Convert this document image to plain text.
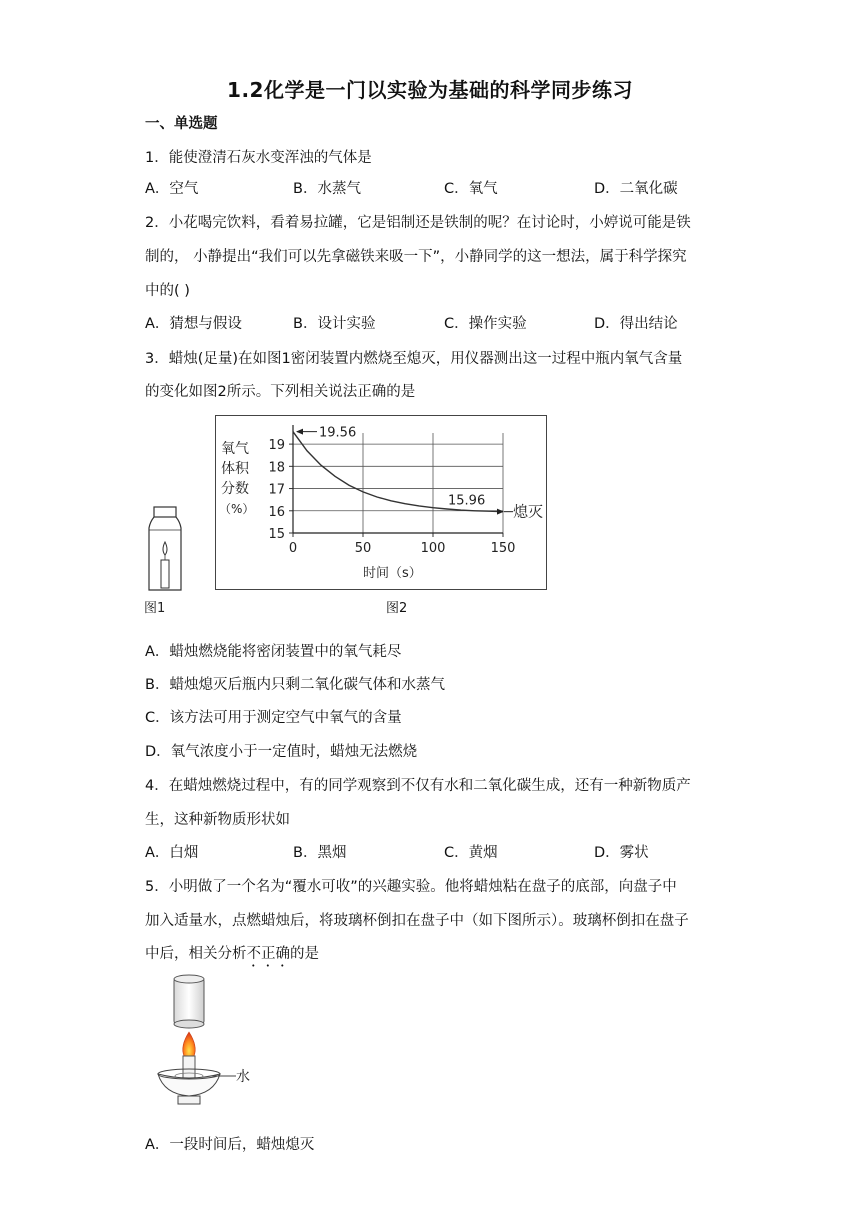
1.2化学是一门以实验为基础的科学同步练习
一、单选题
1．能使澄清石灰水变浑浊的气体是
A．空气	B．水蒸气	C．氧气	D．二氧化碳
2．小花喝完饮料，看着易拉罐，它是铝制还是铁制的呢？在讨论时，小婷说可能是铁
制的， 小静提出“我们可以先拿磁铁来吸一下”，小静同学的这一想法，属于科学探究
中的( )
A．猜想与假设	B．设计实验	C．操作实验	D．得出结论
3．蜡烛(足量)在如图1密闭装置内燃烧至熄灭，用仪器测出这一过程中瓶内氧气含量
的变化如图2所示。下列相关说法正确的是
图1
氧气
体积
分数
（%）
15
16
17
18
19
0	50	100	150
19.56
15.96
熄灭
时间（s）
图2
A．蜡烛燃烧能将密闭装置中的氧气耗尽
B．蜡烛熄灭后瓶内只剩二氧化碳气体和水蒸气
C．该方法可用于测定空气中氧气的含量
D．氧气浓度小于一定值时，蜡烛无法燃烧
4．在蜡烛燃烧过程中，有的同学观察到不仅有水和二氧化碳生成，还有一种新物质产
生，这种新物质形状如
A．白烟	B．黑烟	C．黄烟	D．雾状
5．小明做了一个名为“覆水可收”的兴趣实验。他将蜡烛粘在盘子的底部，向盘子中
加入适量水，点燃蜡烛后，将玻璃杯倒扣在盘子中（如下图所示）。玻璃杯倒扣在盘子
中后，相关分析不正确的是
水
A．一段时间后，蜡烛熄灭
